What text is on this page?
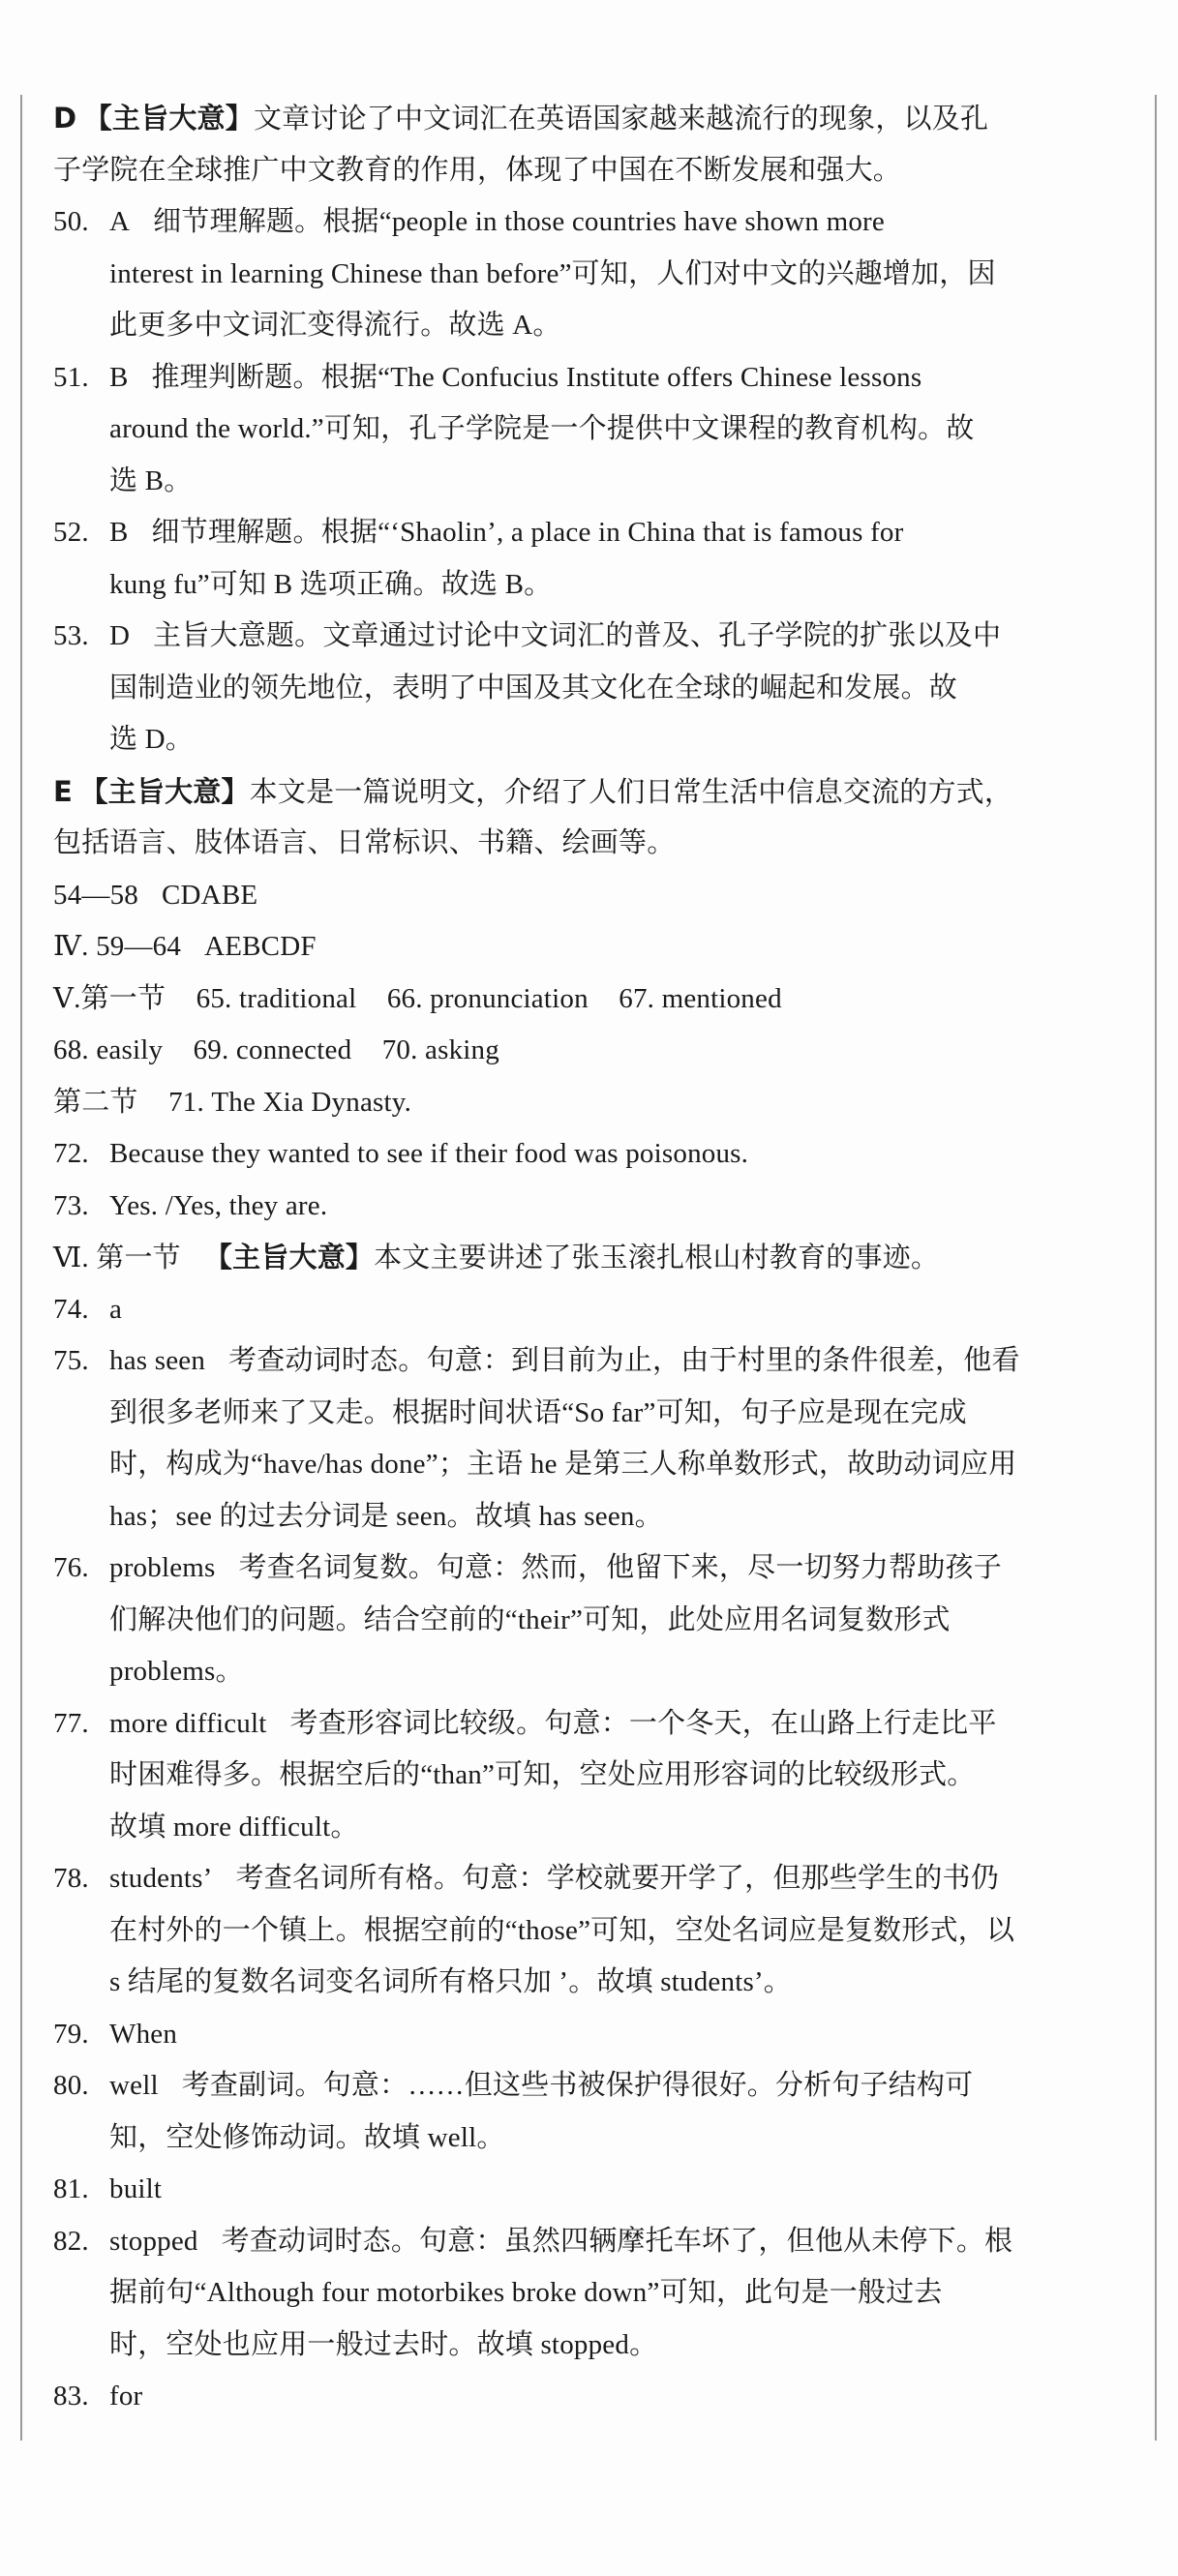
D 【主旨大意】文章讨论了中文词汇在英语国家越来越流行的现象，以及孔
子学院在全球推广中文教育的作用，体现了中国在不断发展和强大。
50. A 细节理解题。根据“people in those countries have shown more
interest in learning Chinese than before”可知，人们对中文的兴趣增加，因
此更多中文词汇变得流行。故选 A。
51. B 推理判断题。根据“The Confucius Institute offers Chinese lessons
around the world.”可知，孔子学院是一个提供中文课程的教育机构。故
选 B。
52. B 细节理解题。根据“‘Shaolin’, a place in China that is famous for
kung fu”可知 B 选项正确。故选 B。
53. D 主旨大意题。文章通过讨论中文词汇的普及、孔子学院的扩张以及中
国制造业的领先地位，表明了中国及其文化在全球的崛起和发展。故
选 D。
E 【主旨大意】本文是一篇说明文，介绍了人们日常生活中信息交流的方式，
包括语言、肢体语言、日常标识、书籍、绘画等。
54—58 CDABE
Ⅳ. 59—64 AEBCDF
Ⅴ.第一节 65. traditional 66. pronunciation 67. mentioned
68. easily 69. connected 70. asking
第二节 71. The Xia Dynasty.
72. Because they wanted to see if their food was poisonous.
73. Yes. /Yes, they are.
Ⅵ. 第一节 【主旨大意】本文主要讲述了张玉滚扎根山村教育的事迹。
74. a
75. has seen 考查动词时态。句意：到目前为止，由于村里的条件很差，他看
到很多老师来了又走。根据时间状语“So far”可知，句子应是现在完成
时，构成为“have/has done”；主语 he 是第三人称单数形式，故助动词应用
has；see 的过去分词是 seen。故填 has seen。
76. problems 考查名词复数。句意：然而，他留下来，尽一切努力帮助孩子
们解决他们的问题。结合空前的“their”可知，此处应用名词复数形式
problems。
77. more difficult 考查形容词比较级。句意：一个冬天，在山路上行走比平
时困难得多。根据空后的“than”可知，空处应用形容词的比较级形式。
故填 more difficult。
78. students’ 考查名词所有格。句意：学校就要开学了，但那些学生的书仍
在村外的一个镇上。根据空前的“those”可知，空处名词应是复数形式，以
s 结尾的复数名词变名词所有格只加 ’。故填 students’。
79. When
80. well 考查副词。句意：……但这些书被保护得很好。分析句子结构可
知，空处修饰动词。故填 well。
81. built
82. stopped 考查动词时态。句意：虽然四辆摩托车坏了，但他从未停下。根
据前句“Although four motorbikes broke down”可知，此句是一般过去
时，空处也应用一般过去时。故填 stopped。
83. for
